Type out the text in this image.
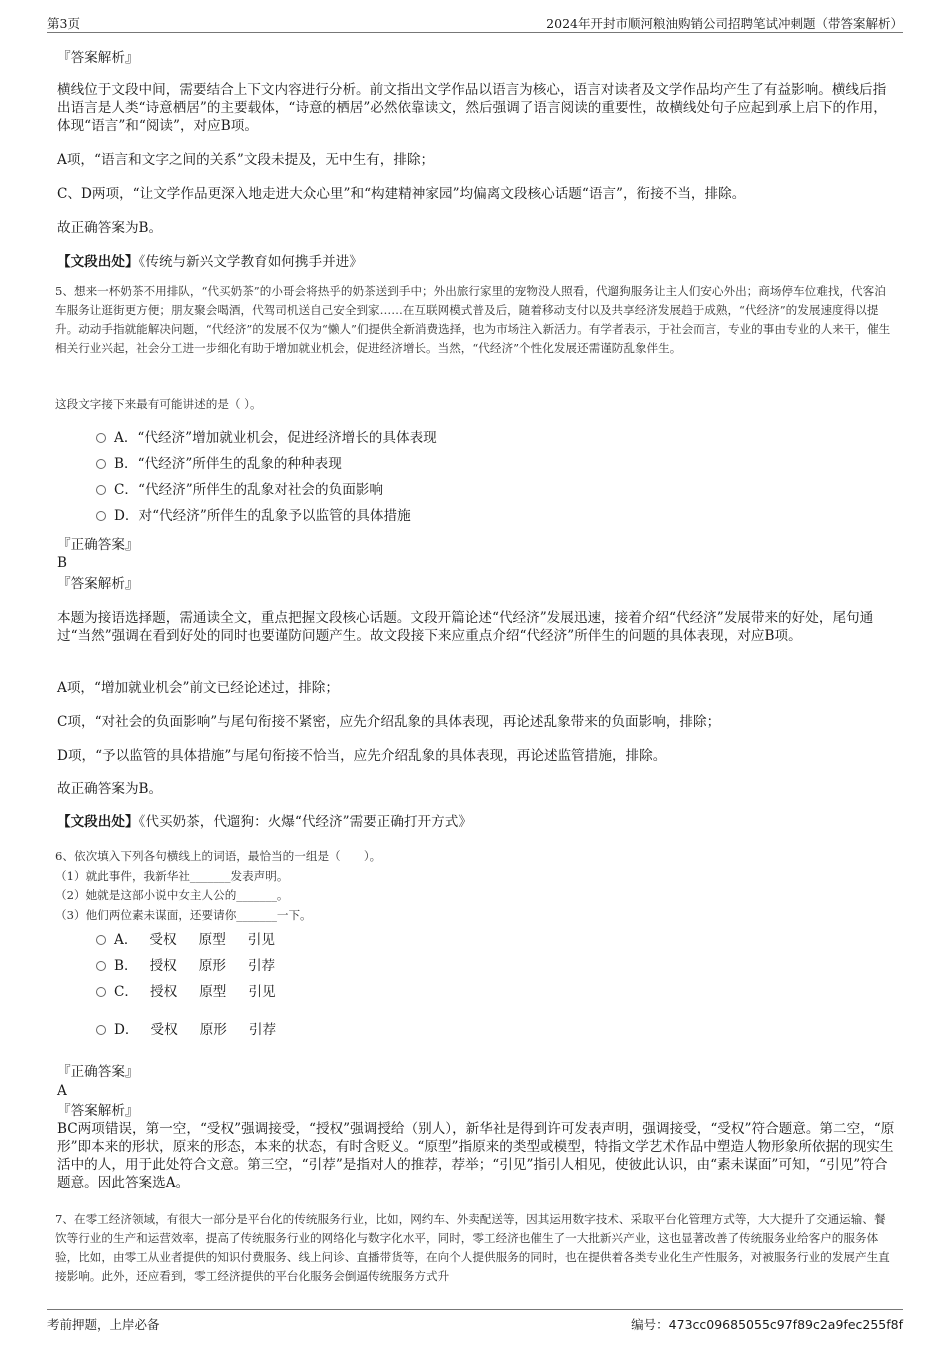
第3页	2024年开封市顺河粮油购销公司招聘笔试冲刺题（带答案解析）
『答案解析』

横线位于文段中间，需要结合上下文内容进行分析。前文指出文学作品以语言为核心，语言对读者及文学作品均产生了有益影响。横线后指出语言是人类“诗意栖居”的主要载体，“诗意的栖居”必然依靠读文，然后强调了语言阅读的重要性，故横线处句子应起到承上启下的作用，体现“语言”和“阅读”，对应B项。

A项，“语言和文字之间的关系”文段未提及，无中生有，排除；

C、D两项，“让文学作品更深入地走进大众心里”和“构建精神家园”均偏离文段核心话题“语言”，衔接不当，排除。

故正确答案为B。

【文段出处】《传统与新兴文学教育如何携手并进》

5、想来一杯奶茶不用排队，“代买奶茶”的小哥会将热乎的奶茶送到手中；外出旅行家里的宠物没人照看，代遛狗服务让主人们安心外出；商场停车位难找，代客泊车服务让逛街更方便；朋友聚会喝酒，代驾司机送自己安全到家……在互联网模式普及后，随着移动支付以及共享经济发展趋于成熟，“代经济”的发展速度得以提升。动动手指就能解决问题，“代经济”的发展不仅为“懒人”们提供全新消费选择，也为市场注入新活力。有学者表示，于社会而言，专业的事由专业的人来干，催生相关行业兴起，社会分工进一步细化有助于增加就业机会，促进经济增长。当然，“代经济”个性化发展还需谨防乱象伴生。

这段文字接下来最有可能讲述的是（ ）。

A．“代经济”增加就业机会，促进经济增长的具体表现
B．“代经济”所伴生的乱象的种种表现
C．“代经济”所伴生的乱象对社会的负面影响
D．对“代经济”所伴生的乱象予以监管的具体措施
『正确答案』
B
『答案解析』

本题为接语选择题，需通读全文，重点把握文段核心话题。文段开篇论述“代经济”发展迅速，接着介绍“代经济”发展带来的好处，尾句通过“当然”强调在看到好处的同时也要谨防问题产生。故文段接下来应重点介绍“代经济”所伴生的问题的具体表现，对应B项。

A项，“增加就业机会”前文已经论述过，排除；

C项，“对社会的负面影响”与尾句衔接不紧密，应先介绍乱象的具体表现，再论述乱象带来的负面影响，排除；

D项，“予以监管的具体措施”与尾句衔接不恰当，应先介绍乱象的具体表现，再论述监管措施，排除。

故正确答案为B。

【文段出处】《代买奶茶，代遛狗：火爆“代经济”需要正确打开方式》

6、依次填入下列各句横线上的词语，最恰当的一组是（　　）。

（1）就此事件，我新华社_______发表声明。

（2）她就是这部小说中女主人公的_______。

（3）他们两位素未谋面，还要请你_______一下。

A． 受权 原型 引见
B． 授权 原形 引荐
C． 授权 原型 引见
D． 受权 原形 引荐
『正确答案』
A
『答案解析』

BC两项错误，第一空，“受权”强调接受，“授权”强调授给（别人），新华社是得到许可发表声明，强调接受，“受权”符合题意。第二空，“原形”即本来的形状，原来的形态，本来的状态，有时含贬义。“原型”指原来的类型或模型，特指文学艺术作品中塑造人物形象所依据的现实生活中的人，用于此处符合文意。第三空，“引荐”是指对人的推荐，荐举；“引见”指引人相见，使彼此认识，由“素未谋面”可知，“引见”符合题意。因此答案选A。

7、在零工经济领域，有很大一部分是平台化的传统服务行业，比如，网约车、外卖配送等，因其运用数字技术、采取平台化管理方式等，大大提升了交通运输、餐饮等行业的生产和运营效率，提高了传统服务行业的网络化与数字化水平，同时，零工经济也催生了一大批新兴产业，这也显著改善了传统服务业给客户的服务体验，比如，由零工从业者提供的知识付费服务、线上问诊、直播带货等，在向个人提供服务的同时，也在提供着各类专业化生产性服务，对被服务行业的发展产生直接影响。此外，还应看到，零工经济提供的平台化服务会倒逼传统服务方式升

考前押题，上岸必备	编号：473cc09685055c97f89c2a9fec255f8f
